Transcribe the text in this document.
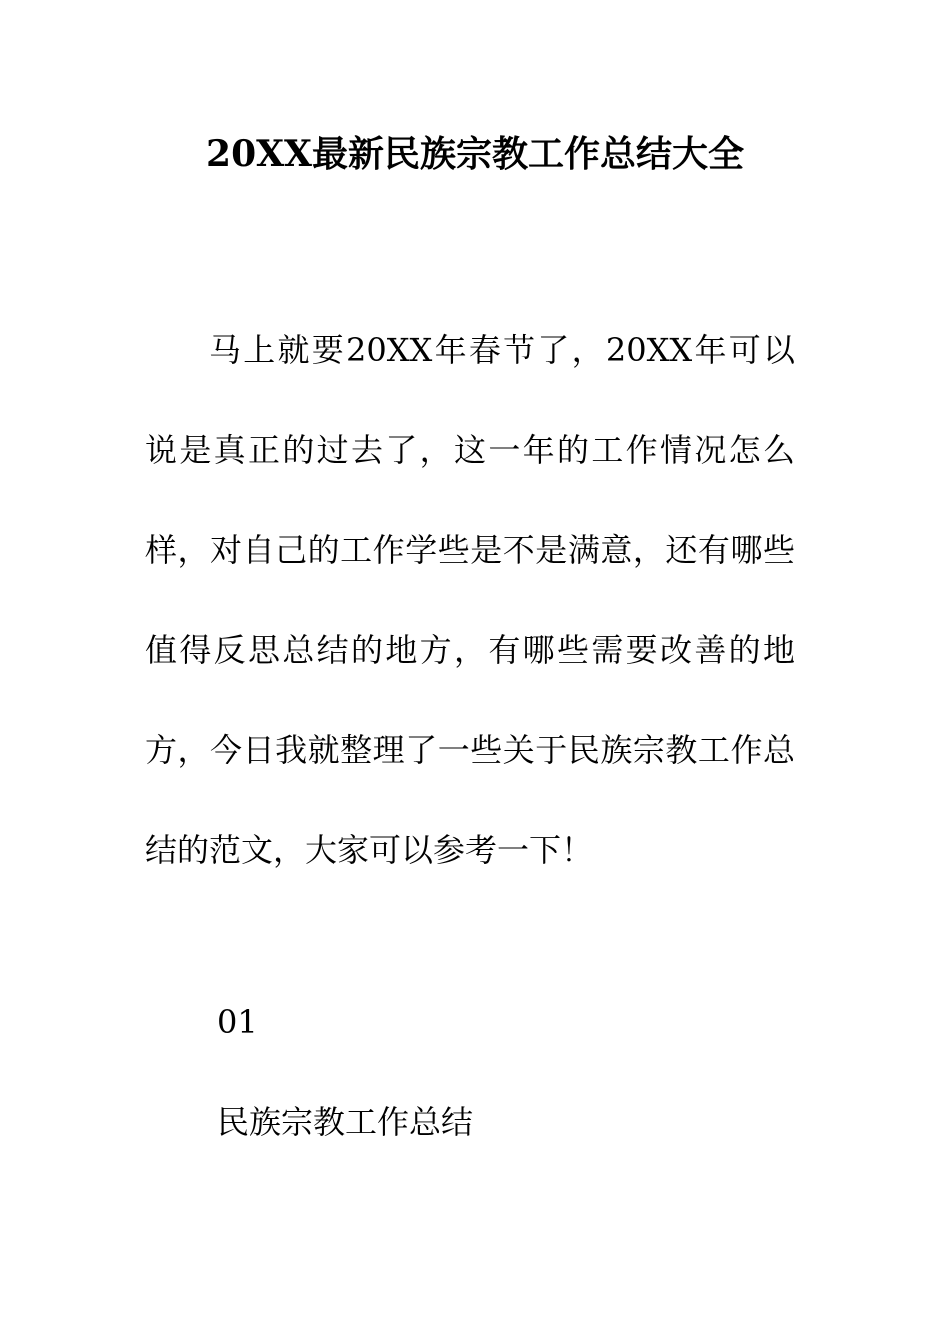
20XX最新民族宗教工作总结大全
马上就要20XX年春节了，20XX年可以说是真正的过去了，这一年的工作情况怎么样，对自己的工作学些是不是满意，还有哪些值得反思总结的地方，有哪些需要改善的地方，今日我就整理了一些关于民族宗教工作总结的范文，大家可以参考一下！
01
民族宗教工作总结
